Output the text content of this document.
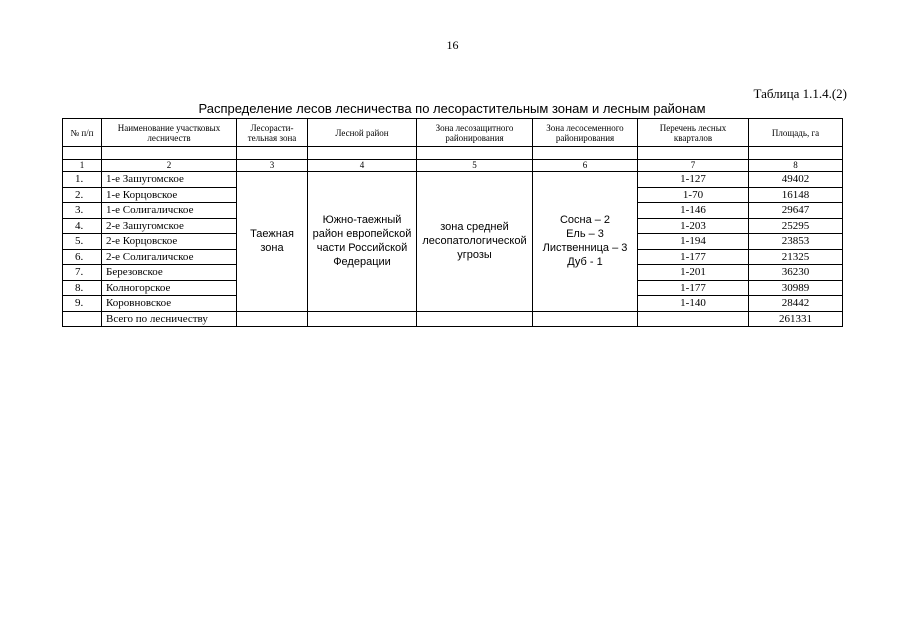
16
Таблица 1.1.4.(2)
Распределение лесов лесничества по лесорастительным зонам и лесным районам
№ п/п	Наименование участковых лесничеств	Лесорасти-тельная зона	Лесной район	Зона лесозащитного районирования	Зона лесосеменного районирования	Перечень лесных кварталов	Площадь, га

1	2	3	4	5	6	7	8
1.	1-е Зашугомское	Таежная зона	Южно-таежный район европейской части Российской Федерации	зона средней лесопатологической угрозы	Сосна – 2
Ель – 3
Лиственница – 3
Дуб - 1	1-127	49402
2.	1-е Корцовское					1-70	16148
3.	1-е Солигаличское					1-146	29647
4.	2-е Зашугомское					1-203	25295
5.	2-е Корцовское					1-194	23853
6.	2-е Солигаличское					1-177	21325
7.	Березовское					1-201	36230
8.	Колногорское					1-177	30989
9.	Коровновское					1-140	28442
	Всего по лесничеству						261331
